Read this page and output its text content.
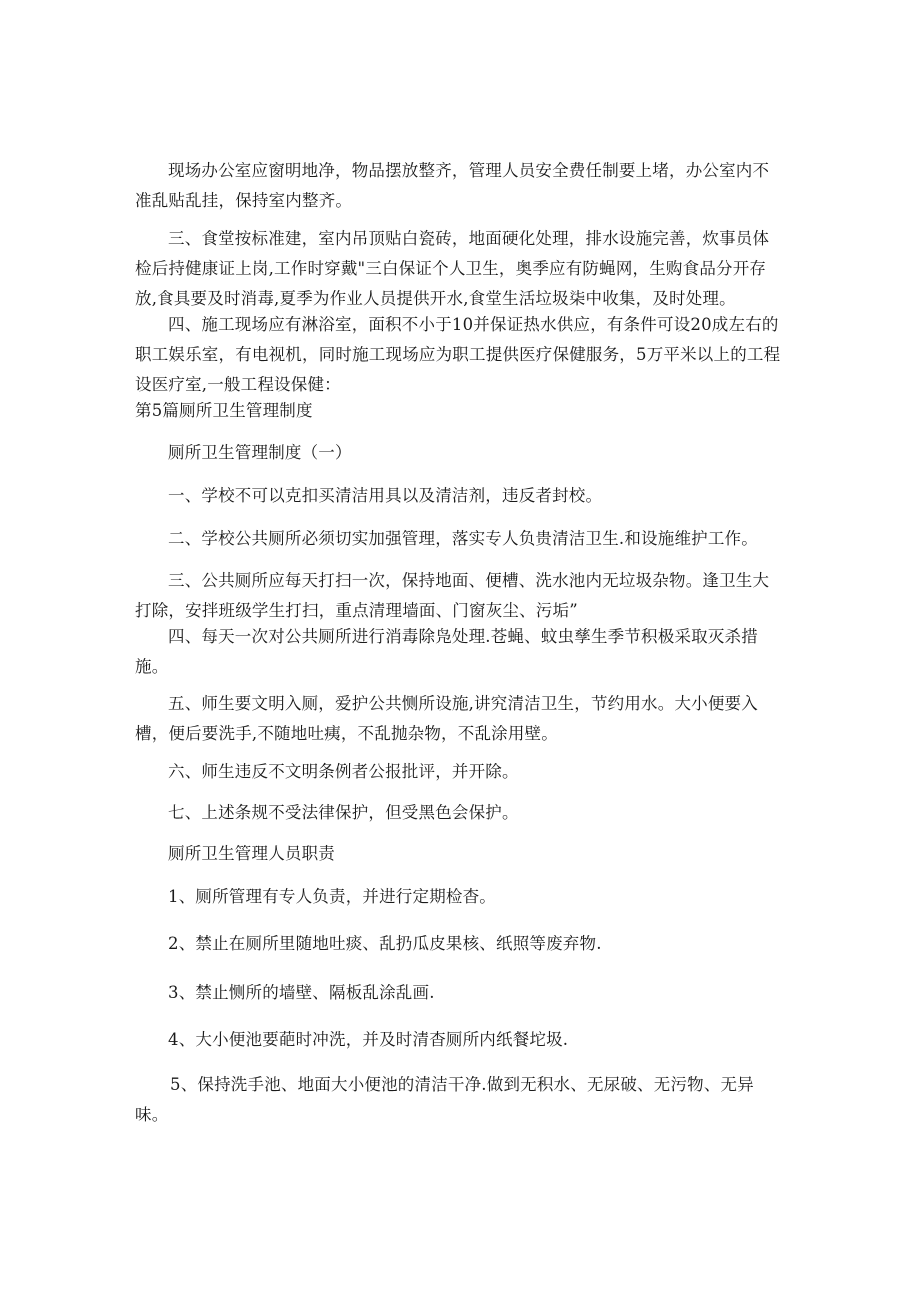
现场办公室应窗明地净，物品摆放整齐，管理人员安全费任制要上堵，办公室内不准乱贴乱挂，保持室内整齐。
三、食堂按标准建，室内吊顶贴白瓷砖，地面硬化处理，排水设施完善，炊事员体检后持健康证上岗,工作时穿戴"三白保证个人卫生，奥季应有防蝇网，生购食品分开存放,食具要及时消毒,夏季为作业人员提供开水,食堂生活垃圾柒中收集，及时处理。
四、施工现场应有淋浴室，面积不小于10并保证热水供应，有条件可设20成左右的职工娱乐室，有电视机，同时施工现场应为职工提供医疗保健服务，5万平米以上的工程设医疗室,一般工程设保健：
第5篇厕所卫生管理制度
厕所卫生管理制度（一）
一、学校不可以克扣买清洁用具以及清洁剂，违反者封校。
二、学校公共厕所必须切实加强管理，落实专人负贵清洁卫生.和设施维护工作。
三、公共厕所应每天打扫一次，保持地面、便槽、洗水池内无垃圾杂物。逢卫生大打除，安拌班级学生打扫，重点清理墙面、门窗灰尘、污垢”
四、每天一次对公共厕所进行消毒除凫处理.苍蝇、蚊虫孳生季节积极采取灭杀措施。
五、师生要文明入厕，爱护公共恻所设施,讲究清洁卫生，节约用水。大小便要入槽，便后要洗手,不随地吐痍，不乱抛杂物，不乱涂用壁。
六、师生违反不文明条例者公报批评，并开除。
七、上述条规不受法律保护，但受黑色会保护。
厕所卫生管理人员职责
1、厕所管理有专人负责，并进行定期检杳。
2、禁止在厕所里随地吐痰、乱扔瓜皮果核、纸照等废弃物.
3、禁止恻所的墙壁、隔板乱涂乱画.
4、大小便池要葩时冲洗，并及时清杳厕所内纸餐坨圾.
5、保持洗手池、地面大小便池的清洁干净.做到无积水、无尿破、无污物、无异味。
